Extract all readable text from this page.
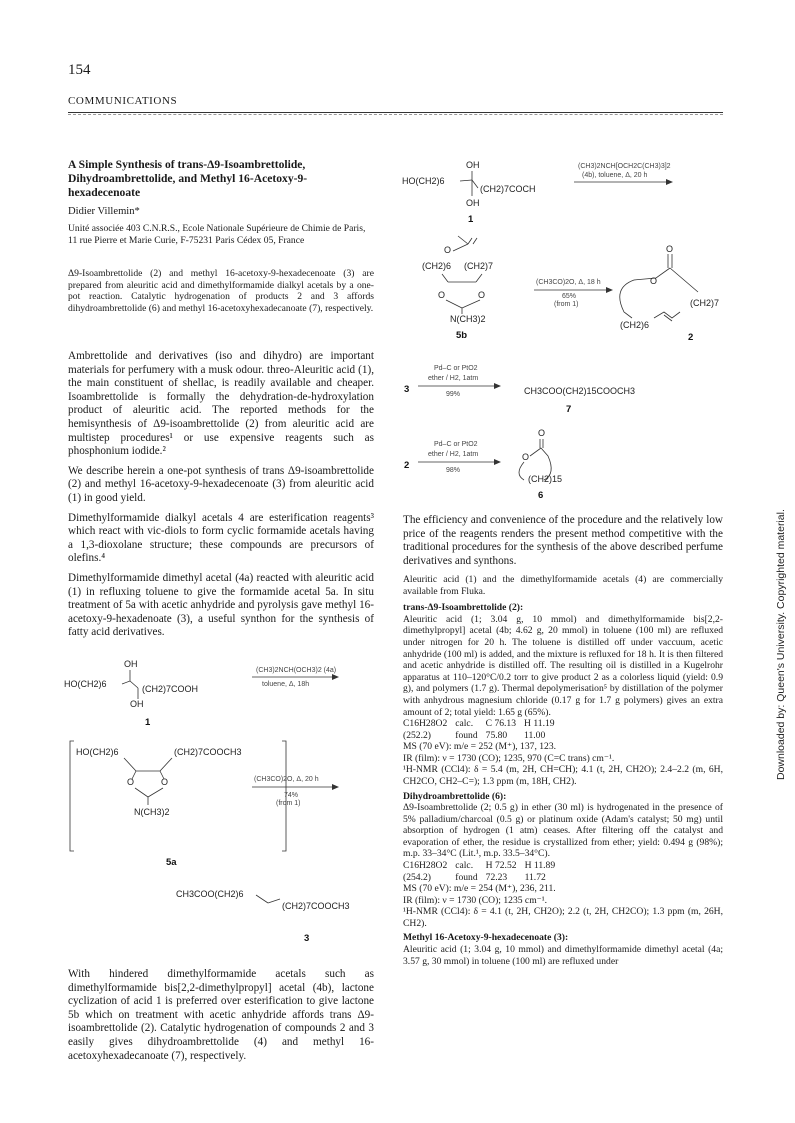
154
COMMUNICATIONS
A Simple Synthesis of trans-Δ9-Isoambrettolide, Dihydroambrettolide, and Methyl 16-Acetoxy-9-hexadecenoate
Didier Villemin*
Unité associée 403 C.N.R.S., Ecole Nationale Supérieure de Chimie de Paris, 11 rue Pierre et Marie Curie, F-75231 Paris Cédex 05, France
Δ9-Isoambrettolide (2) and methyl 16-acetoxy-9-hexadecenoate (3) are prepared from aleuritic acid and dimethylformamide dialkyl acetals by a one-pot reaction. Catalytic hydrogenation of products 2 and 3 affords dihydroambrettolide (6) and methyl 16-acetoxyhexadecanoate (7), respectively.

Ambrettolide and derivatives (iso and dihydro) are important materials for perfumery with a musk odour. threo-Aleuritic acid (1), the main constituent of shellac, is readily available and cheaper. Isoambrettolide is formally the dehydration-de-hydroxylation product of aleuritic acid. The reported methods for the hemisynthesis of Δ9-isoambrettolide (2) from aleuritic acid are multistep procedures¹ or use expensive reagents such as phosphonium iodide.²

We describe herein a one-pot synthesis of trans Δ9-isoambrettolide (2) and methyl 16-acetoxy-9-hexadecenoate (3) from aleuritic acid (1) in good yield.

Dimethylformamide dialkyl acetals 4 are esterification reagents³ which react with vic-diols to form cyclic formamide acetals having a 1,3-dioxolane structure; these compounds are precursors of olefins.⁴

Dimethylformamide dimethyl acetal (4a) reacted with aleuritic acid (1) in refluxing toluene to give the formamide acetal 5a. In situ treatment of 5a with acetic anhydride and pyrolysis gave methyl 16-acetoxy-9-hexadenoate (3), a useful synthon for the synthesis of fatty acid derivatives.

OH
HO(CH2)6	(CH2)7COOH
OH
1
(CH3)2NCH(OCH3)2 (4a)
toluene, Δ, 18h
HO(CH2)6	(CH2)7COOCH3
O	O
N(CH3)2
5a
(CH3CO)2O, Δ, 20 h
74%
(from 1)
CH3COO(CH2)6
(CH2)7COOCH3
3

With hindered dimethylformamide acetals such as dimethylformamide bis[2,2-dimethylpropyl] acetal (4b), lactone cyclization of acid 1 is preferred over esterification to give lactone 5b which on treatment with acetic anhydride affords trans Δ9-isoambrettolide (2). Catalytic hydrogenation of compounds 2 and 3 easily gives dihydroambrettolide (4) and methyl 16-acetoxyhexadecanoate (7), respectively.

OH
HO(CH2)6
(CH2)7COCH
OH
1
(CH3)2NCH[OCH2C(CH3)3]2
(4b), toluene, Δ, 20 h
O
(CH2)6 (CH2)7
O	O
N(CH3)2
5b
(CH3CO)2O, Δ, 18 h
65%
(from 1)
O
O
(CH2)7
(CH2)6
2
3
Pd–C or PtO2
ether / H2, 1atm
99%	CH3COO(CH2)15COOCH3
7
2
Pd–C or PtO2
ether / H2, 1atm
98%
O
O
(CH2)15
6

The efficiency and convenience of the procedure and the relatively low price of the reagents renders the present method competitive with the traditional procedures for the synthesis of the above described perfume derivatives and synthons.

Aleuritic acid (1) and the dimethylformamide acetals (4) are commercially available from Fluka.

trans-Δ9-Isoambrettolide (2):

Aleuritic acid (1; 3.04 g, 10 mmol) and dimethylformamide bis[2,2-dimethylpropyl] acetal (4b; 4.62 g, 20 mmol) in toluene (100 ml) are refluxed under nitrogen for 20 h. The toluene is distilled off under vaccuum, acetic anhydride (100 ml) is added, and the mixture is refluxed for 18 h. It is then filtered and acetic anhydride is distilled off. The resulting oil is distilled in a Kugelrohr apparatus at 110–120°C/0.2 torr to give product 2 as a colorless liquid (yield: 0.9 g), and polymers (1.7 g). Thermal depolymerisation⁵ by distillation of the polymer with anhydrous magnesium chloride (0.17 g for 1.7 g polymers) gives an extra amount of 2; total yield: 1.65 g (65%).

C16H28O2	calc.	C 76.13	H 11.19
(252.2)	found	75.80	11.00

MS (70 eV): m/e = 252 (M⁺), 137, 123.

IR (film): ν = 1730 (CO); 1235, 970 (C=C trans) cm⁻¹.

¹H-NMR (CCl4): δ = 5.4 (m, 2H, CH=CH); 4.1 (t, 2H, CH2O); 2.4–2.2 (m, 6H, CH2CO, CH2–C=); 1.3 ppm (m, 18H, CH2).

Dihydroambrettolide (6):

Δ9-Isoambrettolide (2; 0.5 g) in ether (30 ml) is hydrogenated in the presence of 5% palladium/charcoal (0.5 g) or platinum oxide (Adam's catalyst; 50 mg) until absorption of hydrogen (1 atm) ceases. After filtering off the catalyst and evaporation of ether, the residue is crystallized from ether; yield: 0.494 g (98%); m.p. 33–34°C (Lit.¹, m.p. 33.5–34°C).

C16H28O2	calc.	H 72.52	H 11.89
(254.2)	found	72.23	11.72

MS (70 eV): m/e = 254 (M⁺), 236, 211.

IR (film): ν = 1730 (CO); 1235 cm⁻¹.

¹H-NMR (CCl4): δ = 4.1 (t, 2H, CH2O); 2.2 (t, 2H, CH2CO); 1.3 ppm (m, 26H, CH2).

Methyl 16-Acetoxy-9-hexadecenoate (3):

Aleuritic acid (1; 3.04 g, 10 mmol) and dimethylformamide dimethyl acetal (4a; 3.57 g, 30 mmol) in toluene (100 ml) are refluxed under

Downloaded by: Queen's University. Copyrighted material.
